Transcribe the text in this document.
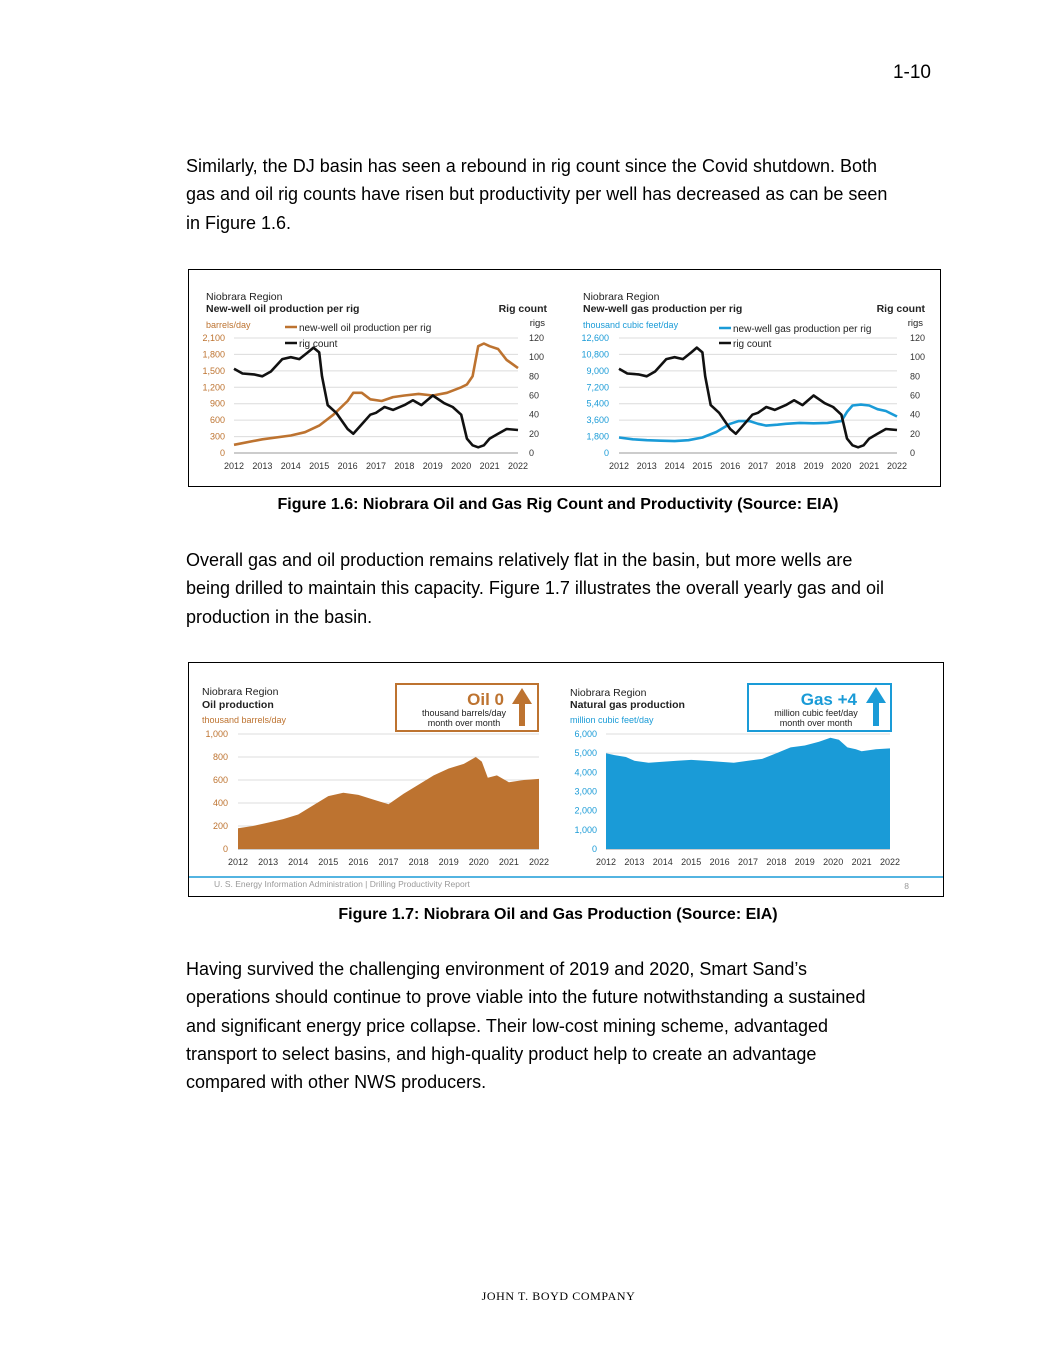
1-10

Similarly, the DJ basin has seen a rebound in rig count since the Covid shutdown. Both
gas and oil rig counts have risen but productivity per well has decreased as can be seen
in Figure 1.6.

Niobrara Region
New-well oil production per rig
barrels/day
Rig count
rigs
new-well oil production per rig
rig count
0
300
600
900
1,200
1,500
1,800
2,100
0
20
40
60
80
100
120
2012 2013 2014 2015 2016 2017 2018 2019 2020 2021 2022
Niobrara Region
New-well gas production per rig
thousand cubic feet/day
Rig count
rigs
new-well gas production per rig
rig count
0
1,800
3,600
5,400
7,200
9,000
10,800
12,600
0
20
40
60
80
100
120
2012 2013 2014 2015 2016 2017 2018 2019 2020 2021 2022
Figure 1.6: Niobrara Oil and Gas Rig Count and Productivity (Source: EIA)

Overall gas and oil production remains relatively flat in the basin, but more wells are
being drilled to maintain this capacity. Figure 1.7 illustrates the overall yearly gas and oil
production in the basin.

Niobrara Region
Oil production
thousand barrels/day
Oil 0
thousand barrels/day
month over month
0
200
400
600
800
1,000
2012 2013 2014 2015 2016 2017 2018 2019 2020 2021 2022
Niobrara Region
Natural gas production
million cubic feet/day
Gas +4
million cubic feet/day
month over month
0
1,000
2,000
3,000
4,000
5,000
6,000
2012 2013 2014 2015 2016 2017 2018 2019 2020 2021 2022
U. S. Energy Information Administration | Drilling Productivity Report	8
Figure 1.7: Niobrara Oil and Gas Production (Source: EIA)

Having survived the challenging environment of 2019 and 2020, Smart Sand’s
operations should continue to prove viable into the future notwithstanding a sustained
and significant energy price collapse. Their low-cost mining scheme, advantaged
transport to select basins, and high-quality product help to create an advantage
compared with other NWS producers.

JOHN T. BOYD COMPANY
